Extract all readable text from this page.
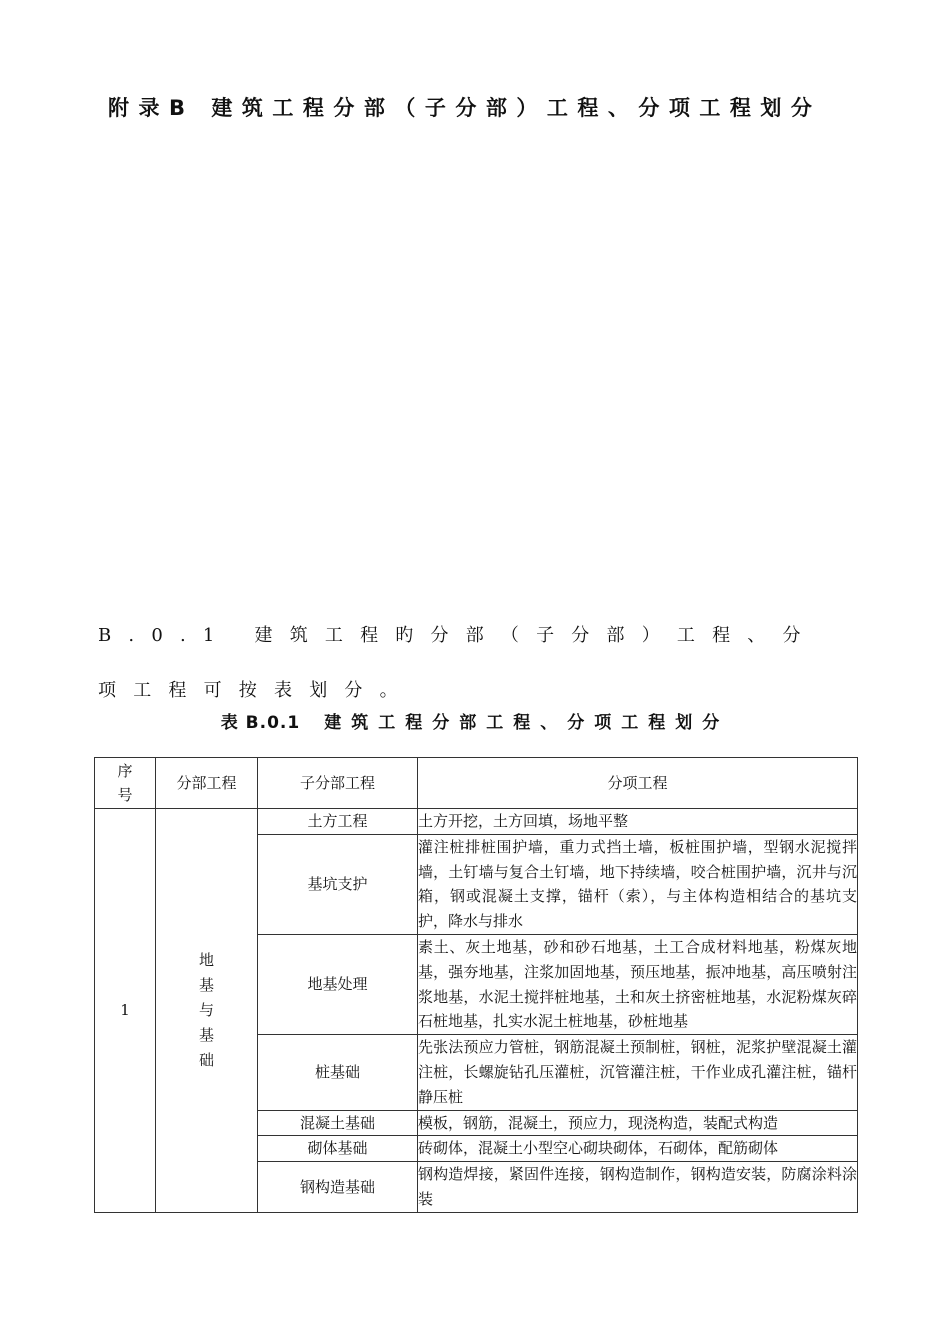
附录B 建筑工程分部（子分部）工程、分项工程划分

B.0.1 建筑工程旳分部（子分部）工程、分项工程可按表划分。

表 B.0.1 建筑工程分部工程、分项工程划分
序号	分部工程	子分部工程	分项工程
1	地基与基础	土方工程	土方开挖，土方回填，场地平整
		基坑支护	灌注桩排桩围护墙，重力式挡土墙，板桩围护墙，型钢水泥搅拌墙，土钉墙与复合土钉墙，地下持续墙，咬合桩围护墙，沉井与沉箱，钢或混凝土支撑，锚杆（索），与主体构造相结合的基坑支护，降水与排水
		地基处理	素土、灰土地基，砂和砂石地基，土工合成材料地基，粉煤灰地基，强夯地基，注浆加固地基，预压地基，振冲地基，高压喷射注浆地基，水泥土搅拌桩地基，土和灰土挤密桩地基，水泥粉煤灰碎石桩地基，扎实水泥土桩地基，砂桩地基
		桩基础	先张法预应力管桩，钢筋混凝土预制桩，钢桩，泥浆护壁混凝土灌注桩，长螺旋钻孔压灌桩，沉管灌注桩，干作业成孔灌注桩，锚杆静压桩
		混凝土基础	模板，钢筋，混凝土，预应力，现浇构造，装配式构造
		砌体基础	砖砌体，混凝土小型空心砌块砌体，石砌体，配筋砌体
		钢构造基础	钢构造焊接，紧固件连接，钢构造制作，钢构造安装，防腐涂料涂装
